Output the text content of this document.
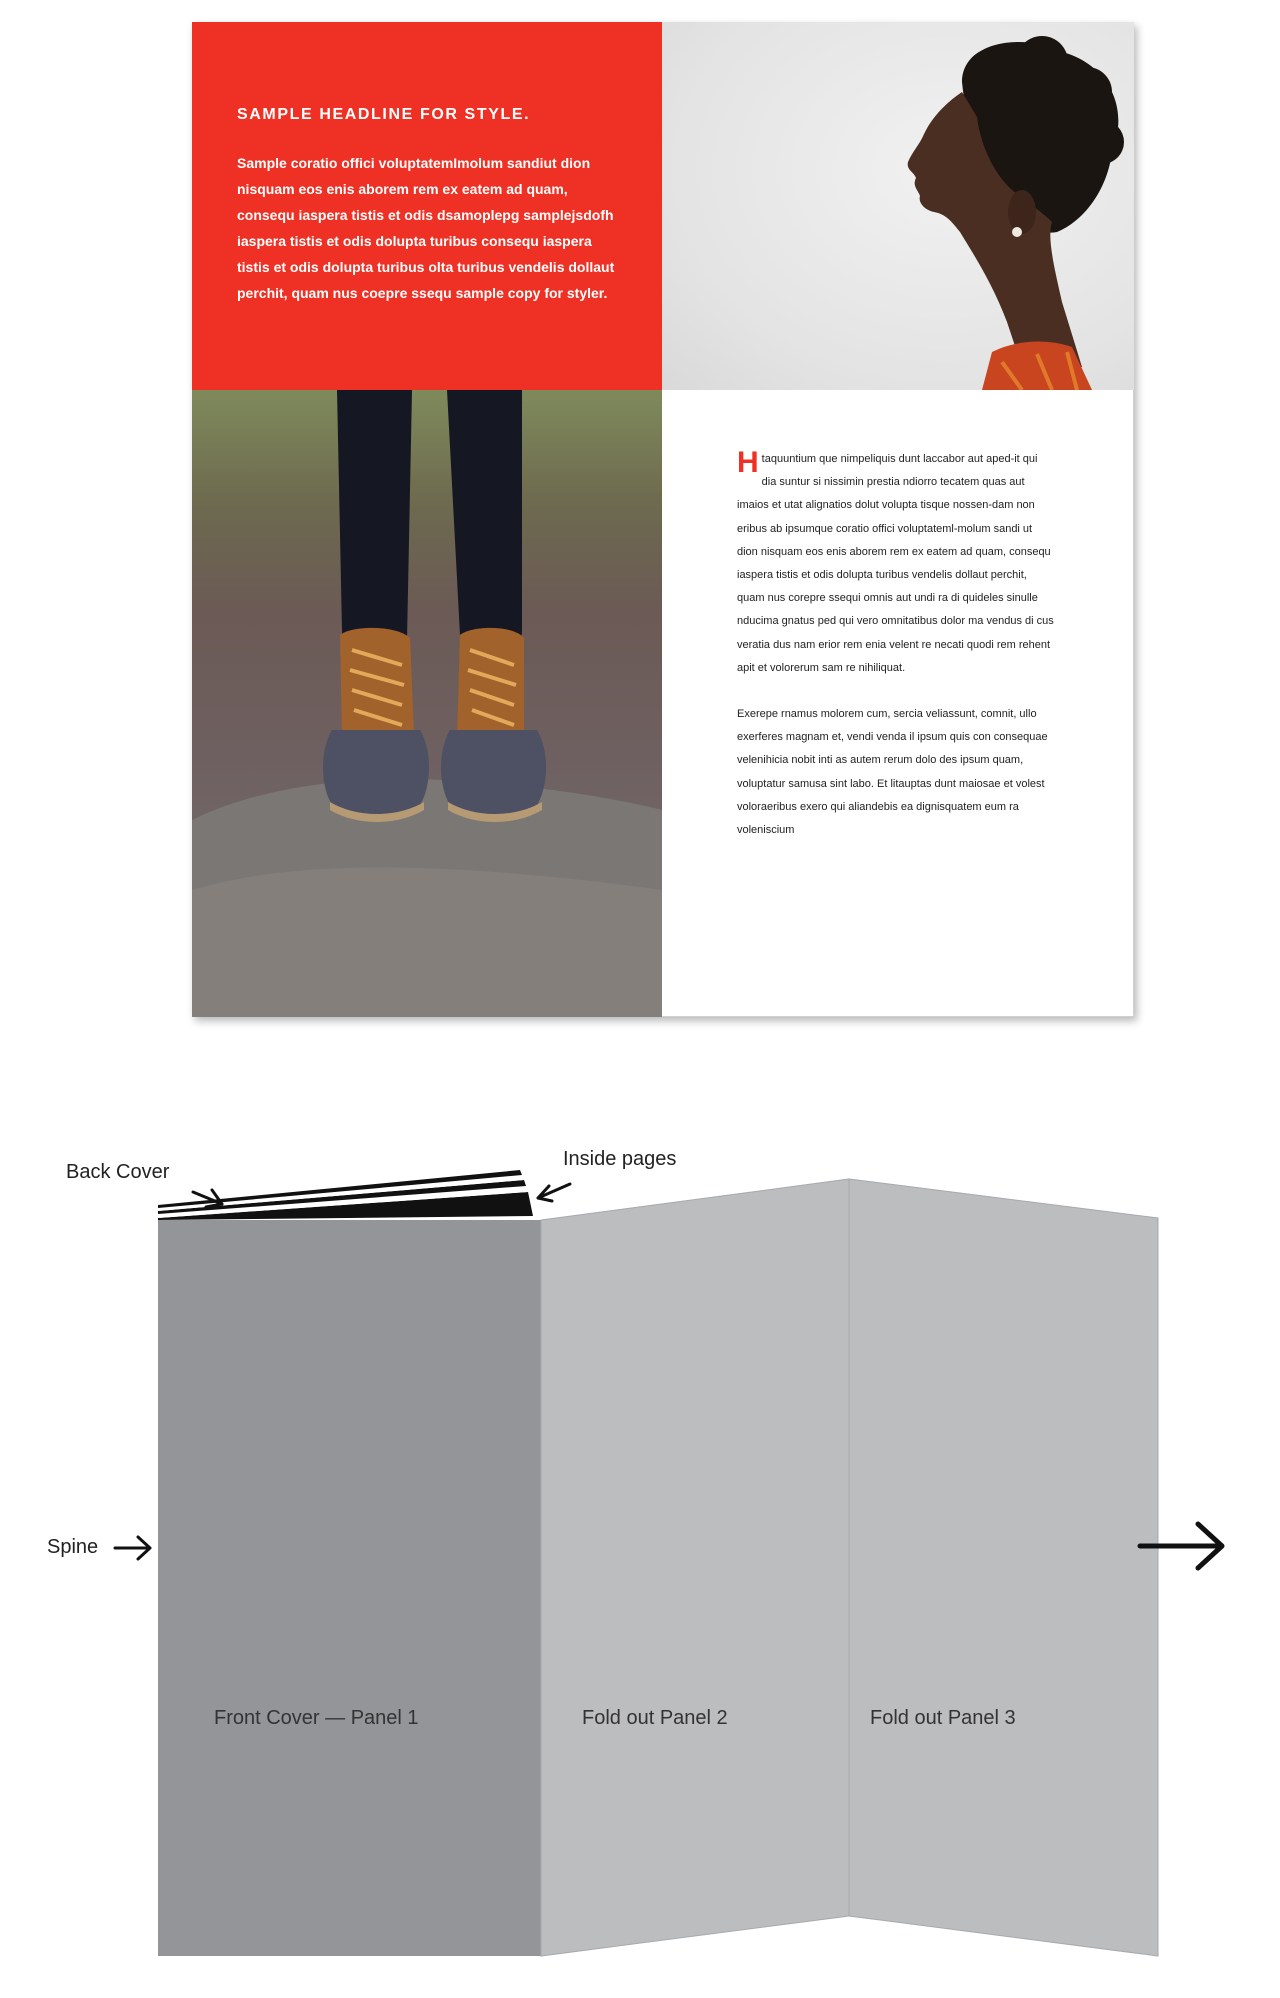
SAMPLE HEADLINE FOR STYLE.

Sample coratio offici voluptatemImolum sandiut dion nisquam eos enis aborem rem ex eatem ad quam, consequ iaspera tistis et odis dsamoplepg samplejsdofh iaspera tistis et odis dolupta turibus consequ iaspera tistis et odis dolupta turibus olta turibus vendelis dollaut perchit, quam nus coepre ssequ sample copy for styler.

Htaquuntium que nimpeliquis dunt laccabor aut aped-it qui dia suntur si nissimin prestia ndiorro tecatem quas aut imaios et utat alignatios dolut volupta tisque nossen-dam non eribus ab ipsumque coratio offici voluptateml-molum sandi ut dion nisquam eos enis aborem rem ex eatem ad quam, consequ iaspera tistis et odis dolupta turibus vendelis dollaut perchit, quam nus corepre ssequi omnis aut undi ra di quideles sinulle nducima gnatus ped qui vero omnitatibus dolor ma vendus di cus veratia dus nam erior rem enia velent re necati quodi rem rehent apit et volorerum sam re nihiliquat.

Exerepe rnamus molorem cum, sercia veliassunt, comnit, ullo exerferes magnam et, vendi venda il ipsum quis con consequae velenihicia nobit inti as autem rerum dolo des ipsum quam, voluptatur samusa sint labo. Et litauptas dunt maiosae et volest voloraeribus exero qui aliandebis ea dignisquatem eum ra voleniscium

Back Cover
Inside pages
Spine
Front Cover — Panel 1	Fold out Panel 2	Fold out Panel 3
